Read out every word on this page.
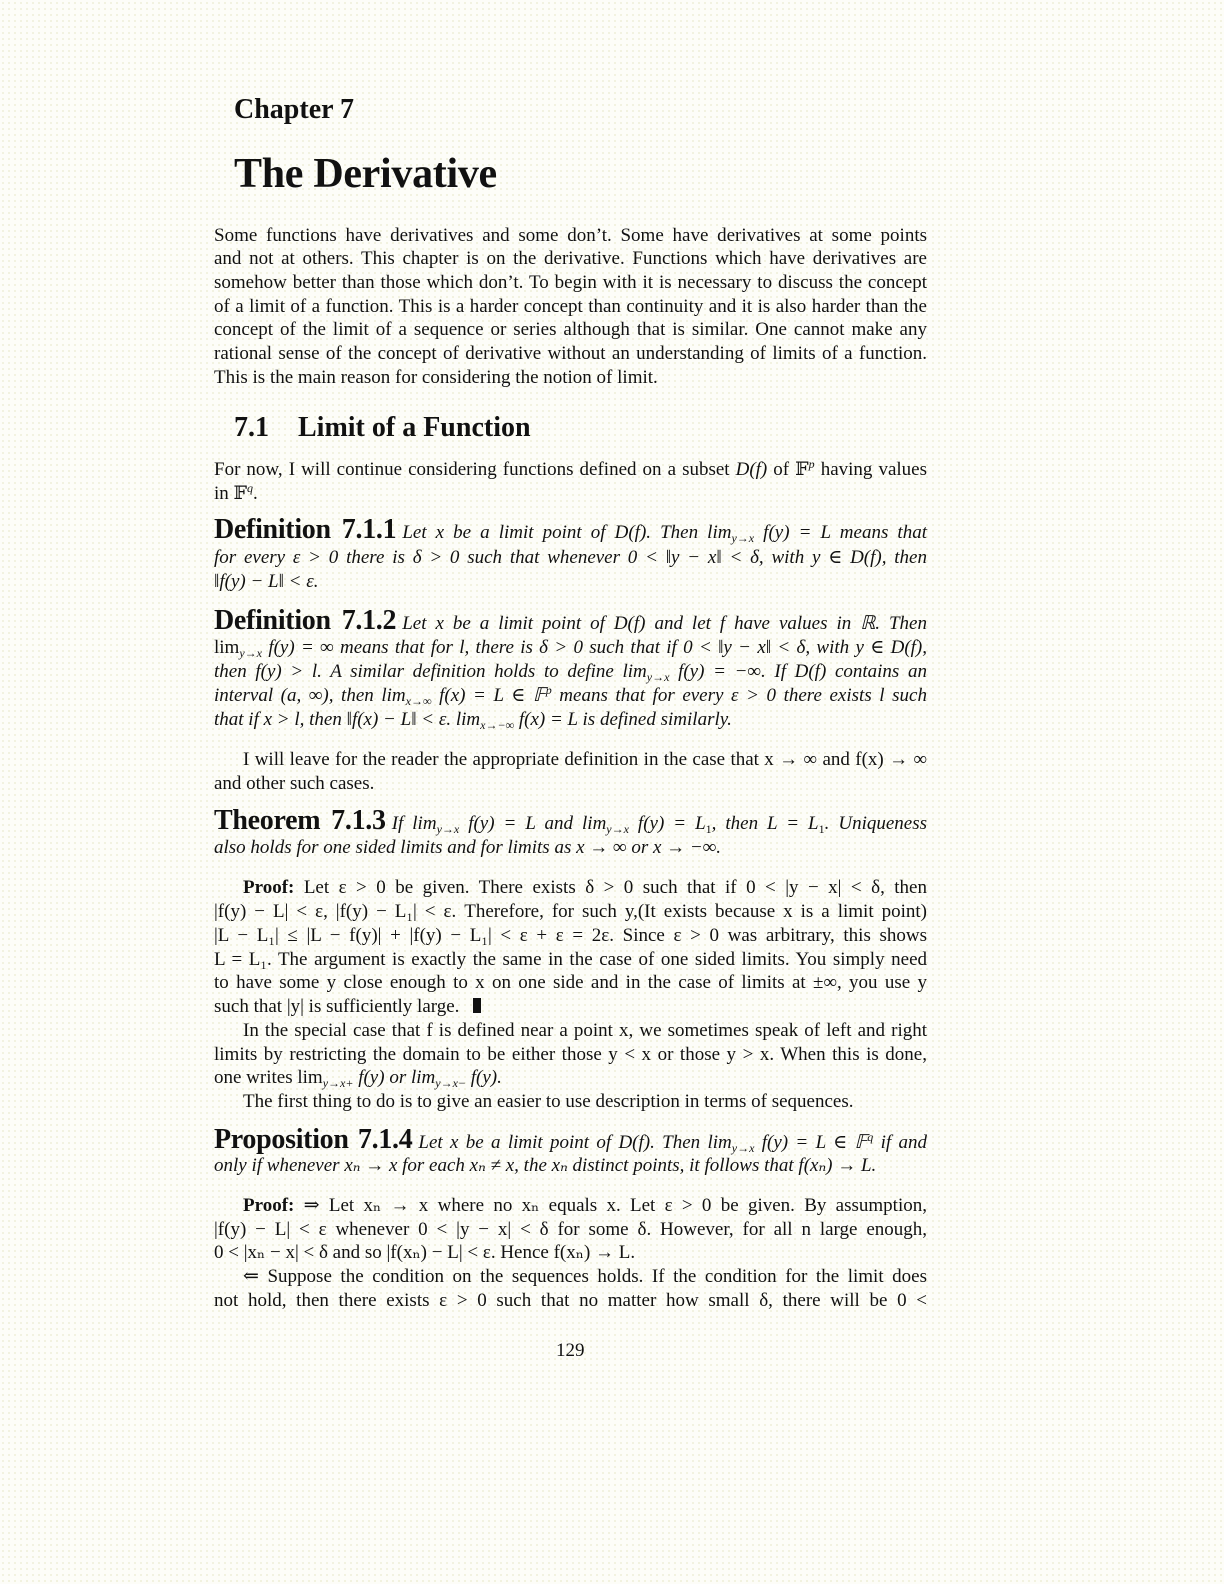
Chapter 7
The Derivative
Some functions have derivatives and some don’t. Some have derivatives at some points
and not at others. This chapter is on the derivative. Functions which have derivatives are
somehow better than those which don’t. To begin with it is necessary to discuss the concept
of a limit of a function. This is a harder concept than continuity and it is also harder than the
concept of the limit of a sequence or series although that is similar. One cannot make any
rational sense of the concept of derivative without an understanding of limits of a function.
This is the main reason for considering the notion of limit.
7.1 Limit of a Function
For now, I will continue considering functions defined on a subset D(f) of 𝔽$^p$ having values
in 𝔽$^q$.
Definition 7.1.1 Let x be a limit point of D(f). Then $\lim_{y\to x} f(y) = L$ means that
for every ε > 0 there is δ > 0 such that whenever 0 < ‖y − x‖ < δ, with y ∈ D(f), then
‖f(y) − L‖ < ε.
Definition 7.1.2 Let x be a limit point of D(f) and let f have values in ℝ. Then
$\lim_{y\to x} f(y)$ = ∞ means that for l, there is δ > 0 such that if 0 < ‖y − x‖ < δ, with y ∈ D(f),
then f(y) > l. A similar definition holds to define $\lim_{y\to x} f(y)$ = −∞. If D(f) contains an
interval (a, ∞), then $\lim_{x\to\infty} f(x) = L$ ∈ 𝔽$^p$ means that for every ε > 0 there exists l such
that if x > l, then ‖f(x) − L‖ < ε. $\lim_{x\to-\infty} f(x) = L$ is defined similarly.
I will leave for the reader the appropriate definition in the case that x → ∞ and f(x) → ∞
and other such cases.
Theorem 7.1.3 If $\lim_{y\to x} f(y) = L$ and $\lim_{y\to x} f(y) = L_1$, then $L = L_1$. Uniqueness
also holds for one sided limits and for limits as x → ∞ or x → −∞.
Proof: Let ε > 0 be given. There exists δ > 0 such that if 0 < |y − x| < δ, then
|f(y) − L| < ε, |f(y) − L₁| < ε. Therefore, for such y,(It exists because x is a limit point)
|L − L₁| ≤ |L − f(y)| + |f(y) − L₁| < ε + ε = 2ε. Since ε > 0 was arbitrary, this shows
L = L₁. The argument is exactly the same in the case of one sided limits. You simply need
to have some y close enough to x on one side and in the case of limits at ±∞, you use y
such that |y| is sufficiently large.
In the special case that f is defined near a point x, we sometimes speak of left and right
limits by restricting the domain to be either those y < x or those y > x. When this is done,
one writes $\lim_{y\to x+} f(y)$ or $\lim_{y\to x-} f(y)$.
The first thing to do is to give an easier to use description in terms of sequences.
Proposition 7.1.4 Let x be a limit point of D(f). Then $\lim_{y\to x} f(y) = L$ ∈ 𝔽$^q$ if and
only if whenever xₙ → x for each xₙ ≠ x, the xₙ distinct points, it follows that f(xₙ) → L.
Proof: ⇒ Let xₙ → x where no xₙ equals x. Let ε > 0 be given. By assumption,
|f(y) − L| < ε whenever 0 < |y − x| < δ for some δ. However, for all n large enough,
0 < |xₙ − x| < δ and so |f(xₙ) − L| < ε. Hence f(xₙ) → L.
⇐ Suppose the condition on the sequences holds. If the condition for the limit does
not hold, then there exists ε > 0 such that no matter how small δ, there will be 0 <
129
